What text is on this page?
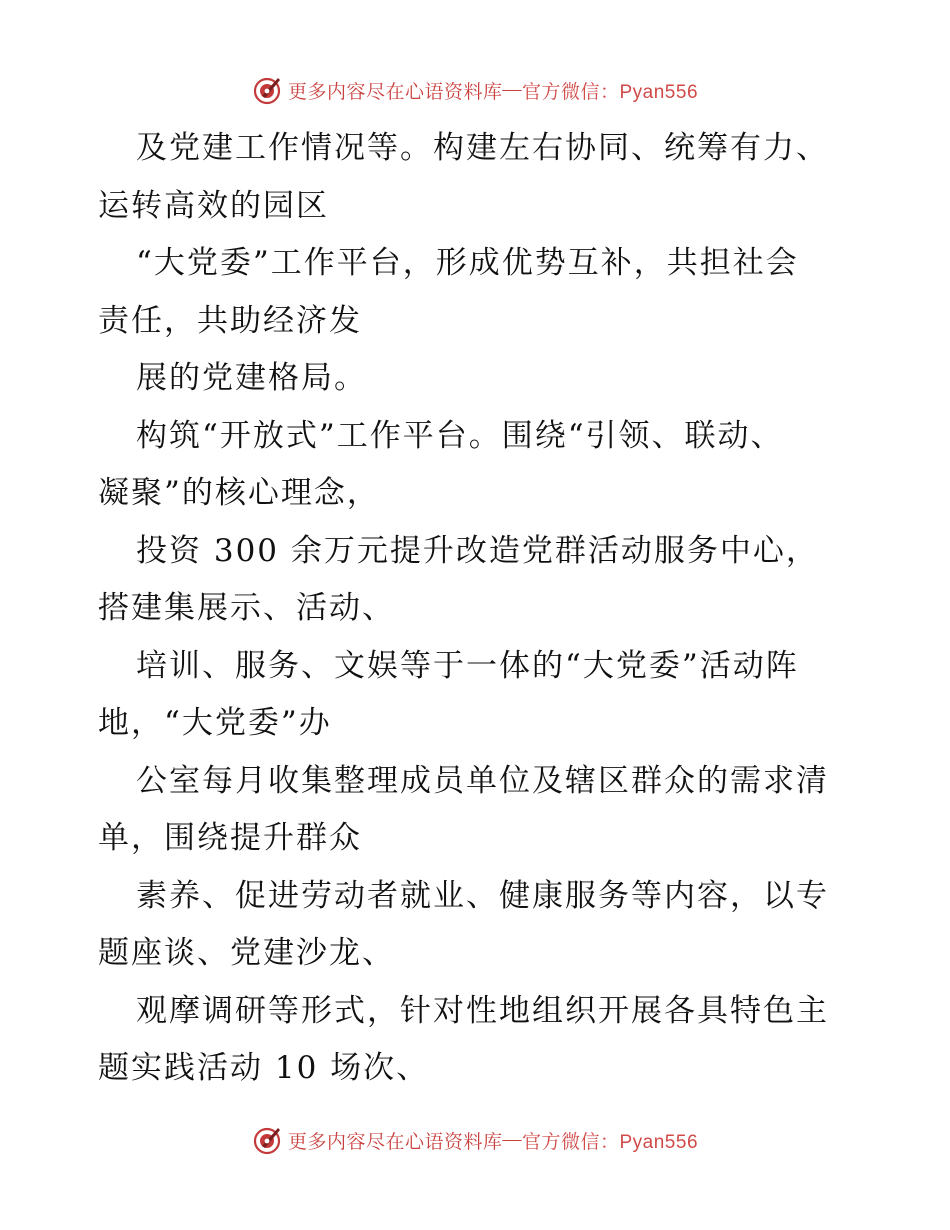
更多内容尽在心语资料库 — 官方微信：Pyan556

及党建工作情况等。构建左右协同、统筹有力、

运转高效的园区

“大党委”工作平台，形成优势互补，共担社会

责任，共助经济发

展的党建格局。

构筑“开放式”工作平台。围绕“引领、联动、

凝聚”的核心理念，

投资 300 余万元提升改造党群活动服务中心，

搭建集展示、活动、

培训、服务、文娱等于一体的“大党委”活动阵

地，“大党委”办

公室每月收集整理成员单位及辖区群众的需求清

单，围绕提升群众

素养、促进劳动者就业、健康服务等内容，以专

题座谈、党建沙龙、

观摩调研等形式，针对性地组织开展各具特色主

题实践活动 10 场次、

更多内容尽在心语资料库 — 官方微信：Pyan556
